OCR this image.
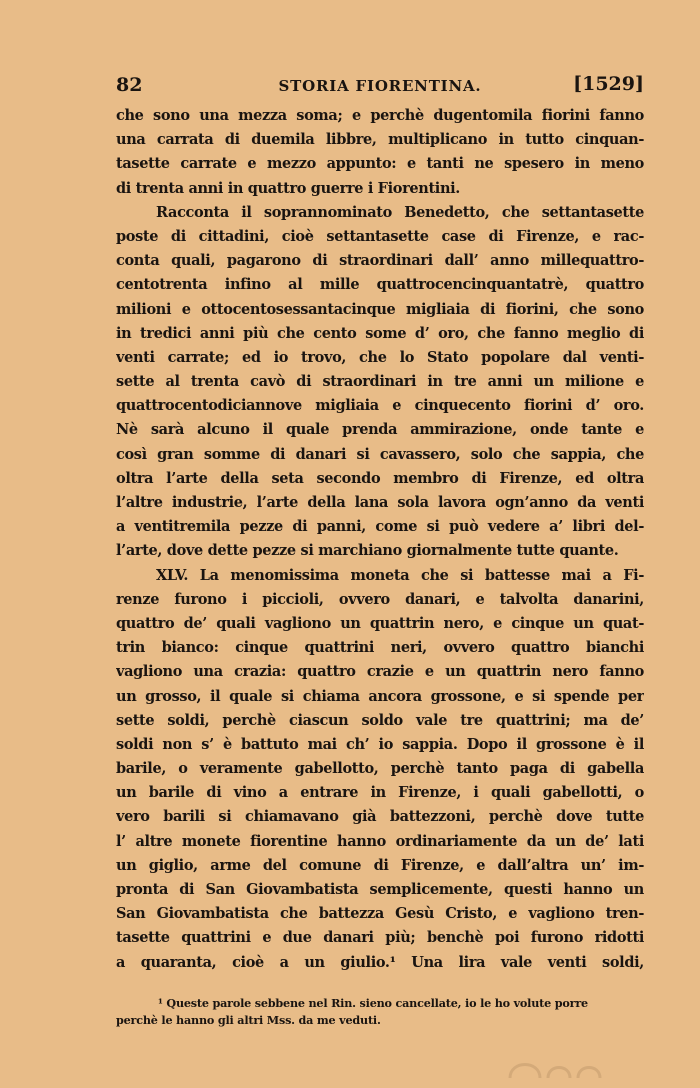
82	STORIA FIORENTINA.	[1529]
che sono una mezza soma; e perchè dugentomila fiorini fanno
una carrata di duemila libbre, multiplicano in tutto cinquan-
tasette carrate e mezzo appunto: e tanti ne spesero in meno
di trenta anni in quattro guerre i Fiorentini.
Racconta il soprannominato Benedetto, che settantasette
poste di cittadini, cioè settantasette case di Firenze, e rac-
conta quali, pagarono di straordinari dall’ anno millequattro-
centotrenta infino al mille quattrocencinquantatrè, quattro
milioni e ottocentosessantacinque migliaia di fiorini, che sono
in tredici anni più che cento some d’ oro, che fanno meglio di
venti carrate; ed io trovo, che lo Stato popolare dal venti-
sette al trenta cavò di straordinari in tre anni un milione e
quattrocentodiciannove migliaia e cinquecento fiorini d’ oro.
Nè sarà alcuno il quale prenda ammirazione, onde tante e
così gran somme di danari si cavassero, solo che sappia, che
oltra l’arte della seta secondo membro di Firenze, ed oltra
l’altre industrie, l’arte della lana sola lavora ogn’anno da venti
a ventitremila pezze di panni, come si può vedere a’ libri del-
l’arte, dove dette pezze si marchiano giornalmente tutte quante.
XLV. La menomissima moneta che si battesse mai a Fi-
renze furono i piccioli, ovvero danari, e talvolta danarini,
quattro de’ quali vagliono un quattrin nero, e cinque un quat-
trin bianco: cinque quattrini neri, ovvero quattro bianchi
vagliono una crazia: quattro crazie e un quattrin nero fanno
un grosso, il quale si chiama ancora grossone, e si spende per
sette soldi, perchè ciascun soldo vale tre quattrini; ma de’
soldi non s’ è battuto mai ch’ io sappia. Dopo il grossone è il
barile, o veramente gabellotto, perchè tanto paga di gabella
un barile di vino a entrare in Firenze, i quali gabellotti, o
vero barili si chiamavano già battezzoni, perchè dove tutte
l’ altre monete fiorentine hanno ordinariamente da un de’ lati
un giglio, arme del comune di Firenze, e dall’altra un’ im-
pronta di San Giovambatista semplicemente, questi hanno un
San Giovambatista che battezza Gesù Cristo, e vagliono tren-
tasette quattrini e due danari più; benchè poi furono ridotti
a quaranta, cioè a un giulio.¹ Una lira vale venti soldi,
¹ Queste parole sebbene nel Rin. sieno cancellate, io le ho volute porre
perchè le hanno gli altri Mss. da me veduti.
